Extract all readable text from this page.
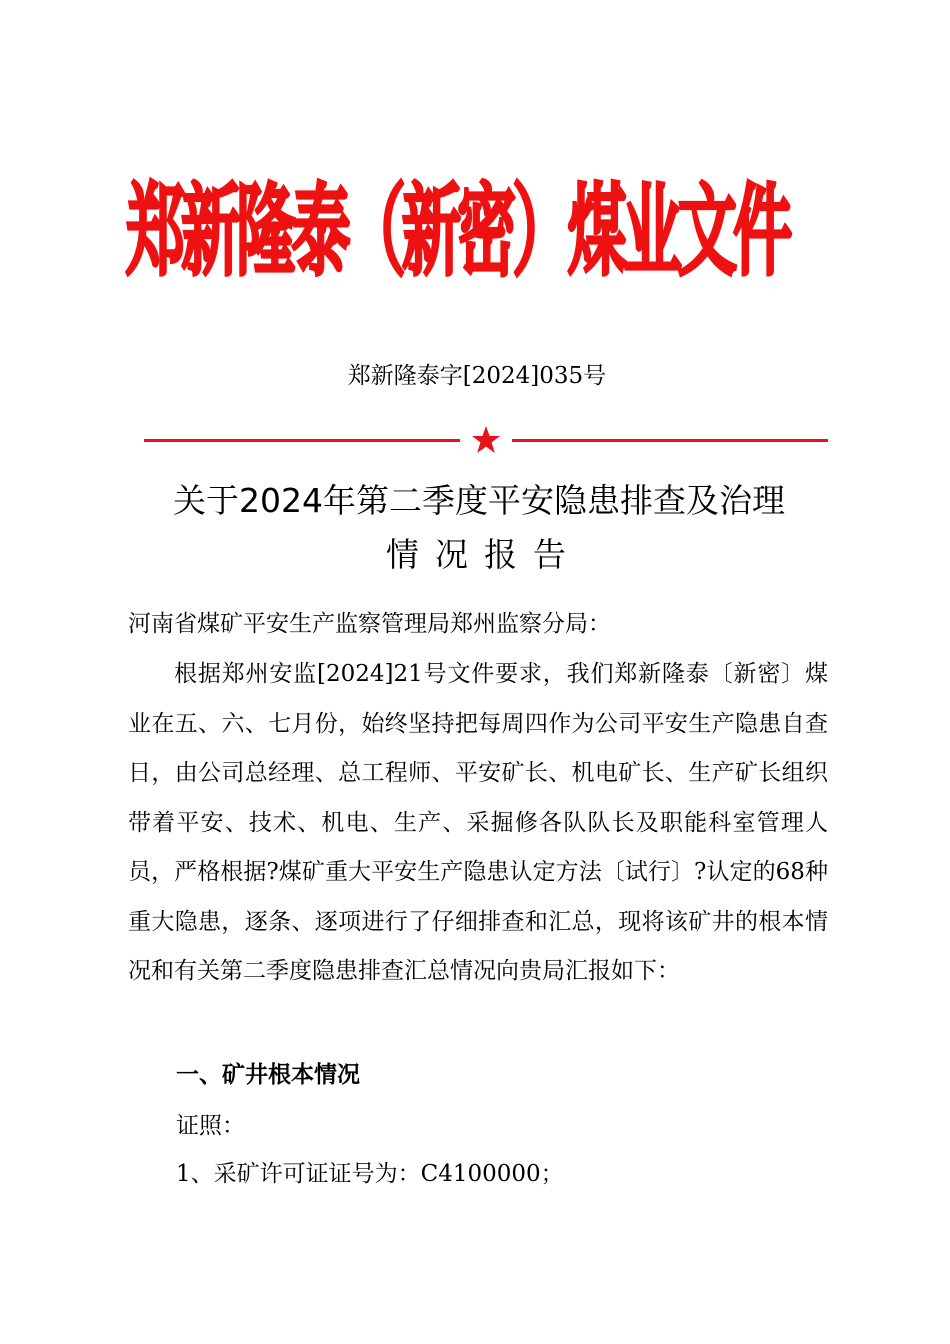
郑新隆泰（新密）煤业文件
郑新隆泰字[2024]035号
关于2024年第二季度平安隐患排查及治理
情况报告
河南省煤矿平安生产监察管理局郑州监察分局：
根据郑州安监[2024]21号文件要求，我们郑新隆泰〔新密〕煤业在五、六、七月份，始终坚持把每周四作为公司平安生产隐患自查日，由公司总经理、总工程师、平安矿长、机电矿长、生产矿长组织带着平安、技术、机电、生产、采掘修各队队长及职能科室管理人员，严格根据?煤矿重大平安生产隐患认定方法〔试行〕?认定的68种重大隐患，逐条、逐项进行了仔细排查和汇总，现将该矿井的根本情况和有关第二季度隐患排查汇总情况向贵局汇报如下：
一、矿井根本情况
证照：
1、采矿许可证证号为：C4100000；
